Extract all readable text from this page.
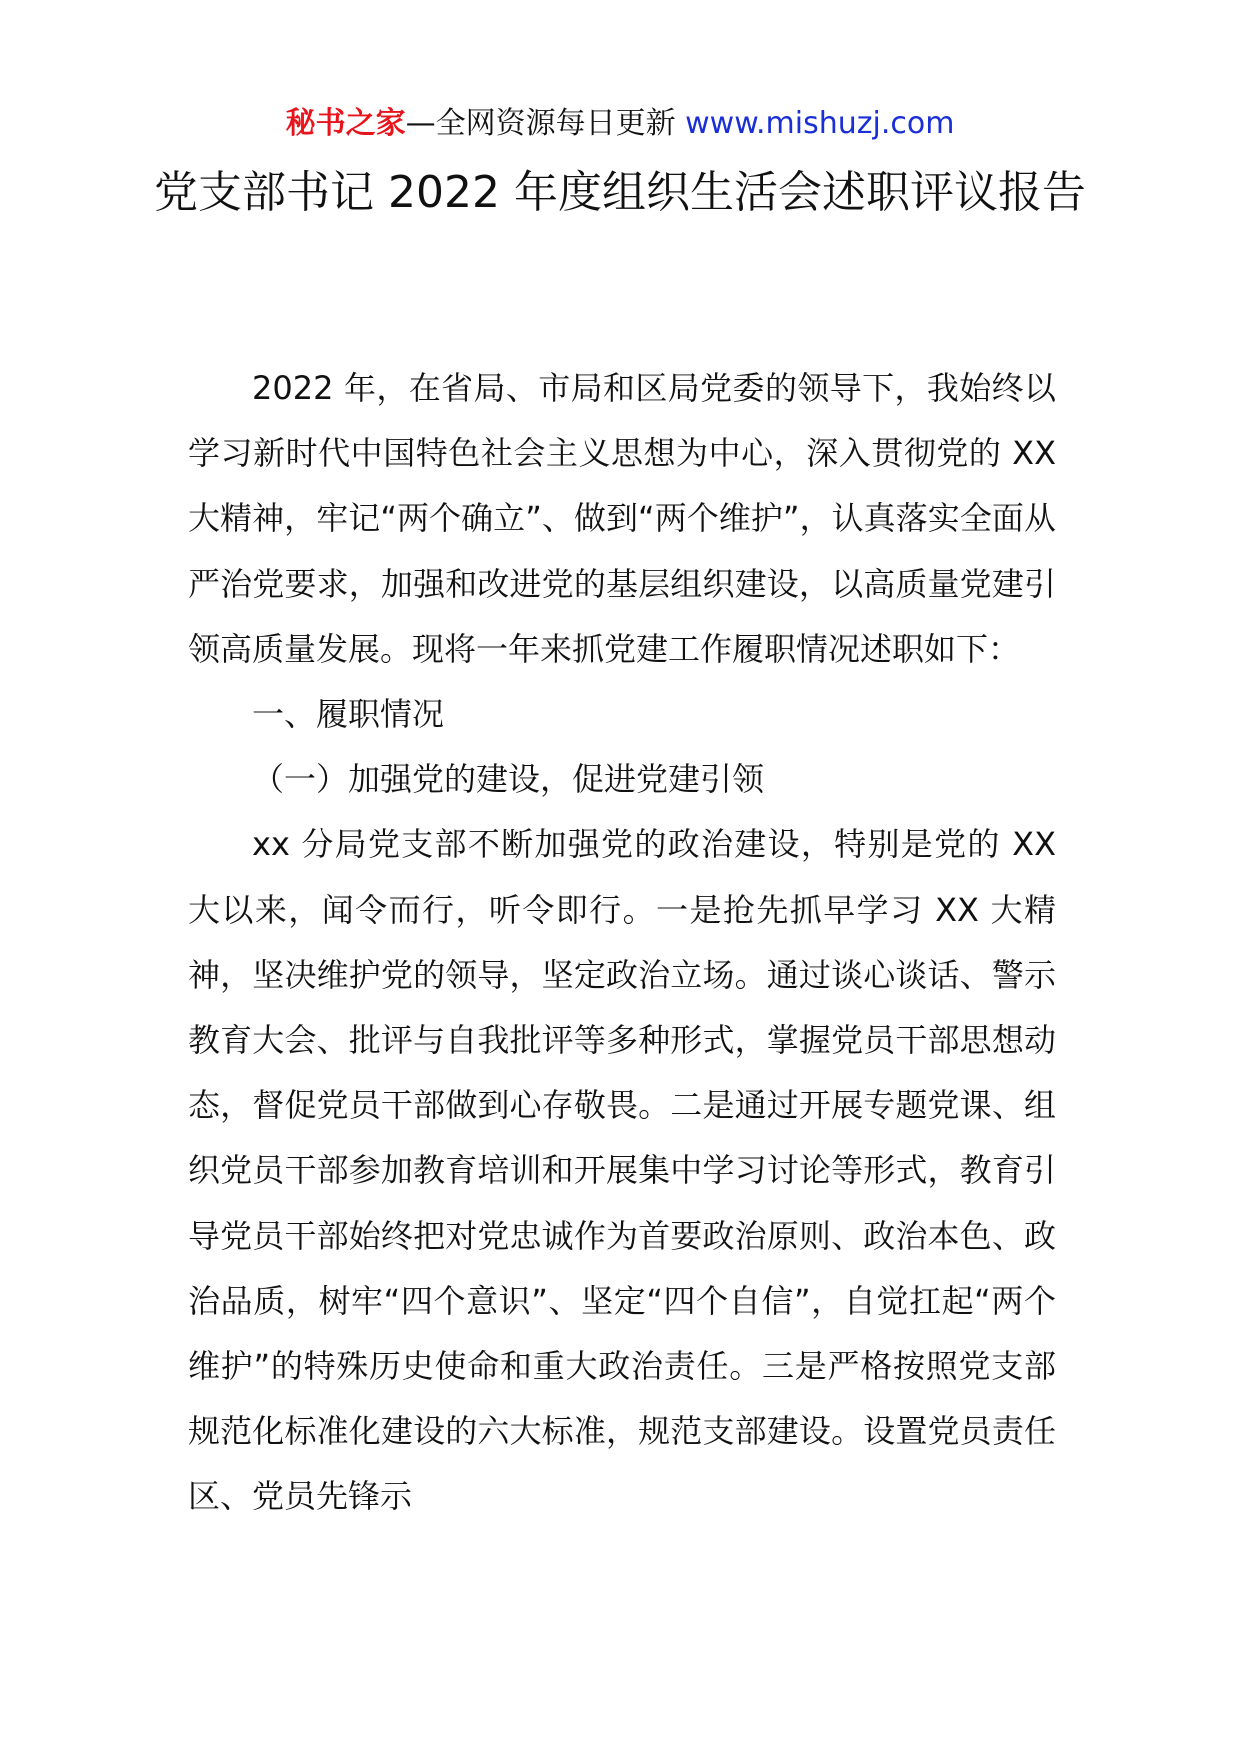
秘书之家—全网资源每日更新 www.mishuzj.com
党支部书记 2022 年度组织生活会述职评议报告

2022 年，在省局、市局和区局党委的领导下，我始终以学习新时代中国特色社会主义思想为中心，深入贯彻党的 XX 大精神，牢记“两个确立”、做到“两个维护”，认真落实全面从严治党要求，加强和改进党的基层组织建设，以高质量党建引领高质量发展。现将一年来抓党建工作履职情况述职如下：

一、履职情况

（一）加强党的建设，促进党建引领

xx 分局党支部不断加强党的政治建设，特别是党的 XX 大以来，闻令而行，听令即行。一是抢先抓早学习 XX 大精神，坚决维护党的领导，坚定政治立场。通过谈心谈话、警示教育大会、批评与自我批评等多种形式，掌握党员干部思想动态，督促党员干部做到心存敬畏。二是通过开展专题党课、组织党员干部参加教育培训和开展集中学习讨论等形式，教育引导党员干部始终把对党忠诚作为首要政治原则、政治本色、政治品质，树牢“四个意识”、坚定“四个自信”，自觉扛起“两个维护”的特殊历史使命和重大政治责任。三是严格按照党支部规范化标准化建设的六大标准，规范支部建设。设置党员责任区、党员先锋示
